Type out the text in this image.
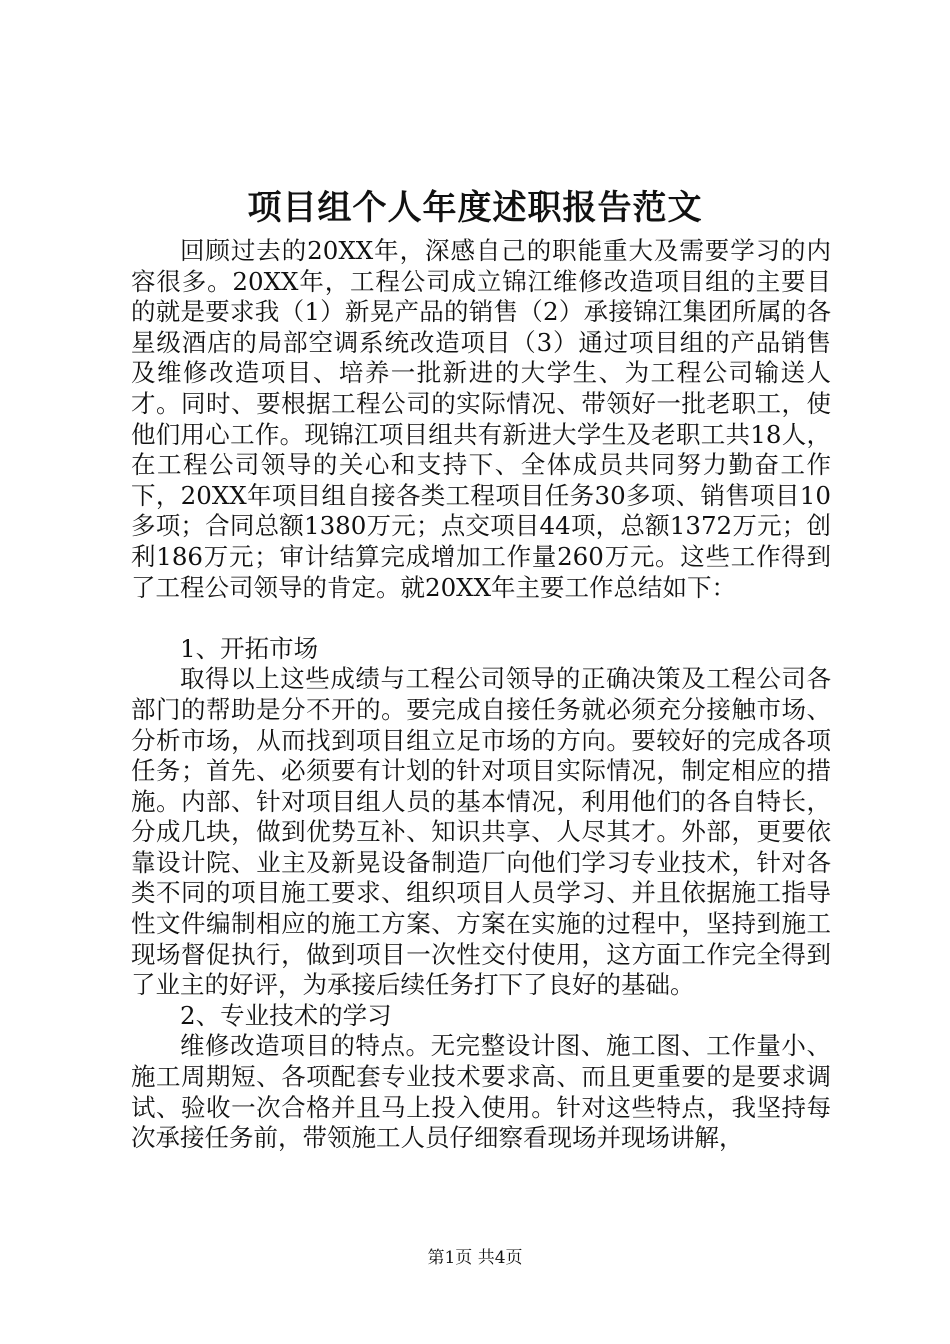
项目组个人年度述职报告范文

回顾过去的20XX年，深感自己的职能重大及需要学习的内容很多。20XX年，工程公司成立锦江维修改造项目组的主要目的就是要求我（1）新晃产品的销售（2）承接锦江集团所属的各星级酒店的局部空调系统改造项目（3）通过项目组的产品销售及维修改造项目、培养一批新进的大学生、为工程公司输送人才。同时、要根据工程公司的实际情况、带领好一批老职工，使他们用心工作。现锦江项目组共有新进大学生及老职工共18人，在工程公司领导的关心和支持下、全体成员共同努力勤奋工作下，20XX年项目组自接各类工程项目任务30多项、销售项目10多项；合同总额1380万元；点交项目44项，总额1372万元；创利186万元；审计结算完成增加工作量260万元。这些工作得到了工程公司领导的肯定。就20XX年主要工作总结如下：

1、开拓市场

取得以上这些成绩与工程公司领导的正确决策及工程公司各部门的帮助是分不开的。要完成自接任务就必须充分接触市场、分析市场，从而找到项目组立足市场的方向。要较好的完成各项任务；首先、必须要有计划的针对项目实际情况，制定相应的措施。内部、针对项目组人员的基本情况，利用他们的各自特长，分成几块，做到优势互补、知识共享、人尽其才。外部，更要依靠设计院、业主及新晃设备制造厂向他们学习专业技术，针对各类不同的项目施工要求、组织项目人员学习、并且依据施工指导性文件编制相应的施工方案、方案在实施的过程中，坚持到施工现场督促执行，做到项目一次性交付使用，这方面工作完全得到了业主的好评，为承接后续任务打下了良好的基础。

2、专业技术的学习

维修改造项目的特点。无完整设计图、施工图、工作量小、施工周期短、各项配套专业技术要求高、而且更重要的是要求调试、验收一次合格并且马上投入使用。针对这些特点，我坚持每次承接任务前，带领施工人员仔细察看现场并现场讲解，

第1页 共4页
